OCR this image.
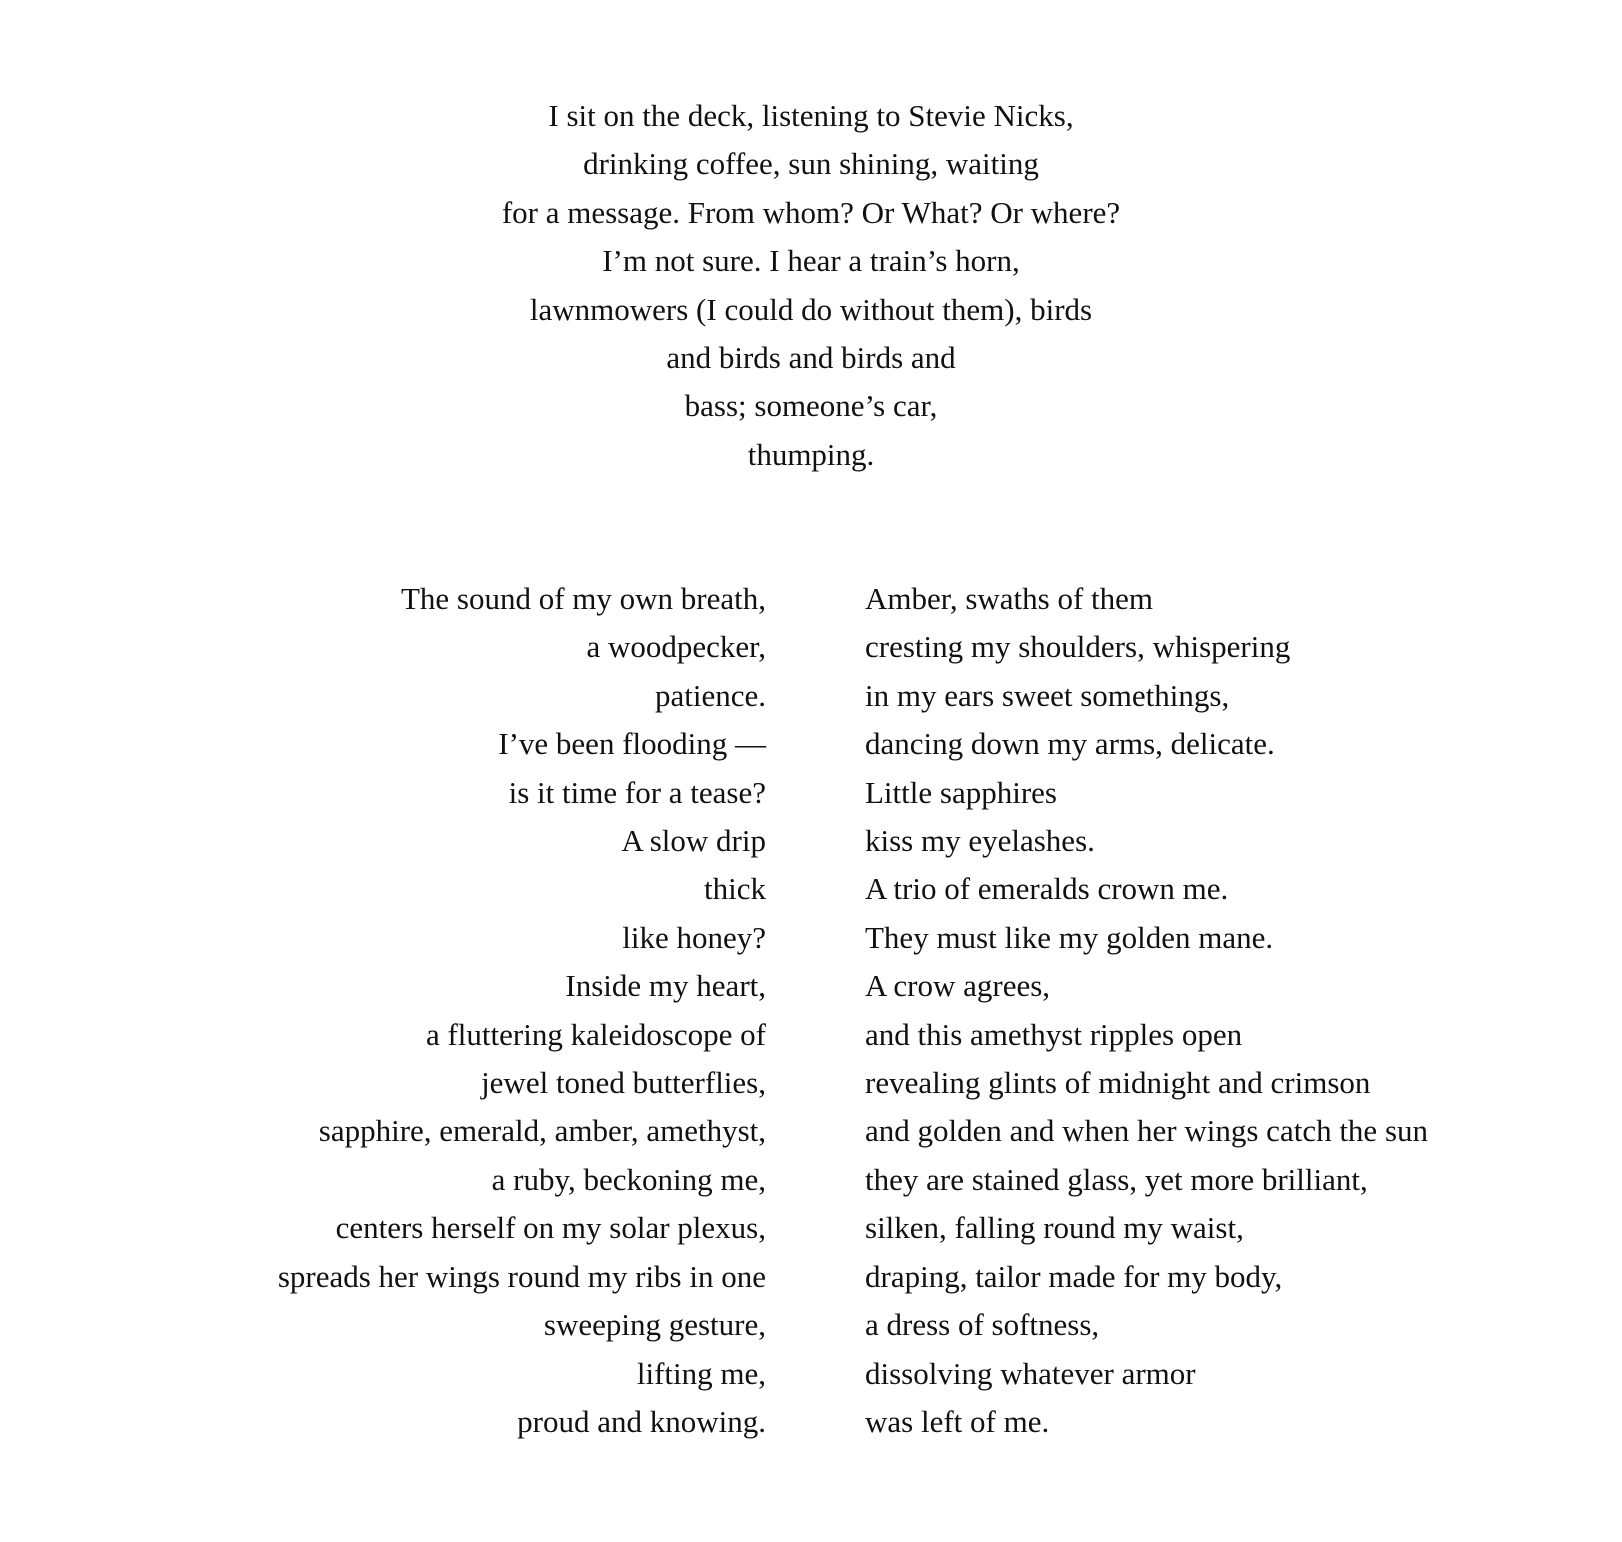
I sit on the deck, listening to Stevie Nicks,
drinking coffee, sun shining, waiting
for a message. From whom? Or What? Or where?
I’m not sure. I hear a train’s horn,
lawnmowers (I could do without them), birds
and birds and birds and
bass; someone’s car,
thumping.
The sound of my own breath,
a woodpecker,
patience.
I’ve been flooding —
is it time for a tease?
A slow drip
thick
like honey?
Inside my heart,
a fluttering kaleidoscope of
jewel toned butterflies,
sapphire, emerald, amber, amethyst,
a ruby, beckoning me,
centers herself on my solar plexus,
spreads her wings round my ribs in one
sweeping gesture,
lifting me,
proud and knowing.
Amber, swaths of them
cresting my shoulders, whispering
in my ears sweet somethings,
dancing down my arms, delicate.
Little sapphires
kiss my eyelashes.
A trio of emeralds crown me.
They must like my golden mane.
A crow agrees,
and this amethyst ripples open
revealing glints of midnight and crimson
and golden and when her wings catch the sun
they are stained glass, yet more brilliant,
silken, falling round my waist,
draping, tailor made for my body,
a dress of softness,
dissolving whatever armor
was left of me.
